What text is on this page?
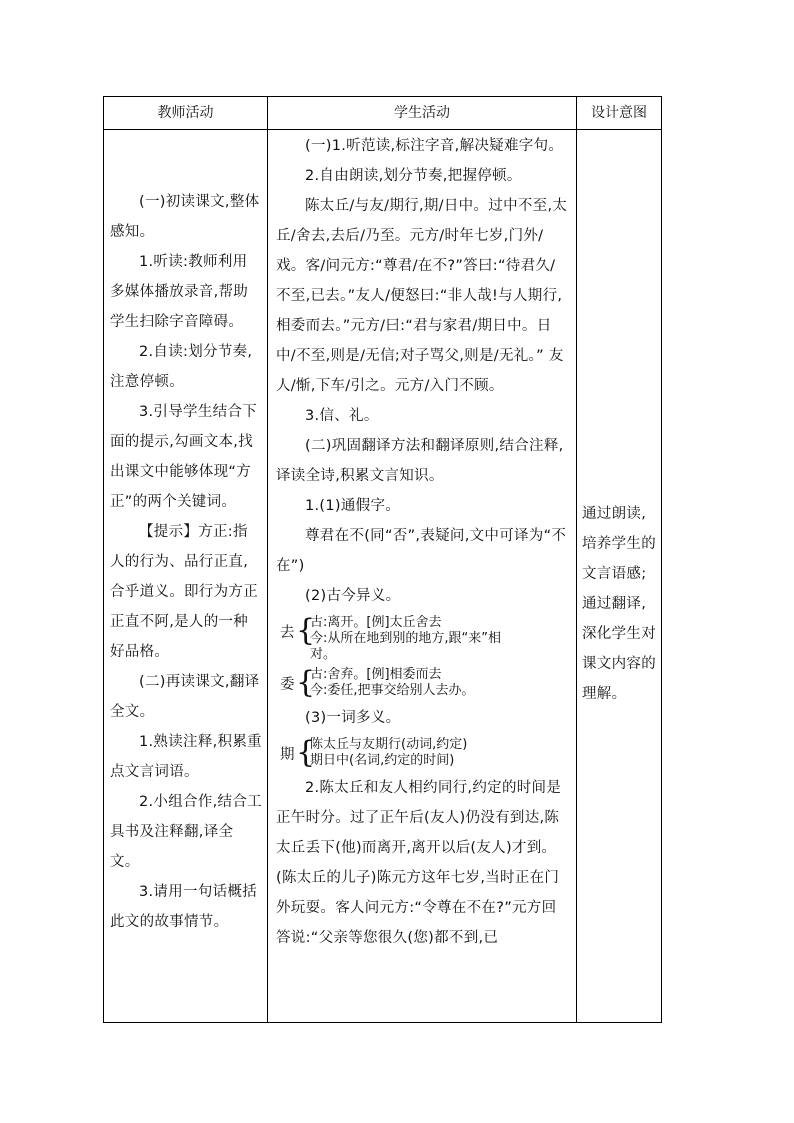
教师活动	学生活动	设计意图

(一)初读课文,整体感知。

1.听读:教师利用多媒体播放录音,帮助学生扫除字音障碍。

2.自读:划分节奏,注意停顿。

3.引导学生结合下面的提示,勾画文本,找出课文中能够体现“方正”的两个关键词。

【提示】方正:指人的行为、品行正直,合乎道义。即行为方正正直不阿,是人的一种好品格。

(二)再读课文,翻译全文。

1.熟读注释,积累重点文言词语。

2.小组合作,结合工具书及注释翻,译全文。

3.请用一句话概括此文的故事情节。

(一)1.听范读,标注字音,解决疑难字句。

2.自由朗读,划分节奏,把握停顿。

陈太丘/与友/期行,期/日中。过中不至,太丘/舍去,去后/乃至。元方/时年七岁,门外/戏。客/问元方:“尊君/在不?”答曰:“待君久/不至,已去。”友人/便怒曰:“非人哉!与人期行,相委而去。”元方/曰:“君与家君/期日中。日中/不至,则是/无信;对子骂父,则是/无礼。” 友人/惭,下车/引之。元方/入门不顾。

3.信、礼。

(二)巩固翻译方法和翻译原则,结合注释,译读全诗,积累文言知识。

1.(1)通假字。

尊君在不(同“否”,表疑问,文中可译为“不在”)

(2)古今异义。

去 {
古:离开。[例]太丘舍去
今:从所在地到别的地方,跟“来”相
对。
委 {
古:舍弃。[例]相委而去
今:委任,把事交给别人去办。

(3)一词多义。

期 {
陈太丘与友期行(动词,约定)
期日中(名词,约定的时间)

2.陈太丘和友人相约同行,约定的时间是正午时分。过了正午后(友人)仍没有到达,陈太丘丢下(他)而离开,离开以后(友人)才到。(陈太丘的儿子)陈元方这年七岁,当时正在门外玩耍。客人问元方:“令尊在不在?”元方回答说:“父亲等您很久(您)都不到,已

通过朗读,培养学生的文言语感;通过翻译,深化学生对课文内容的理解。
